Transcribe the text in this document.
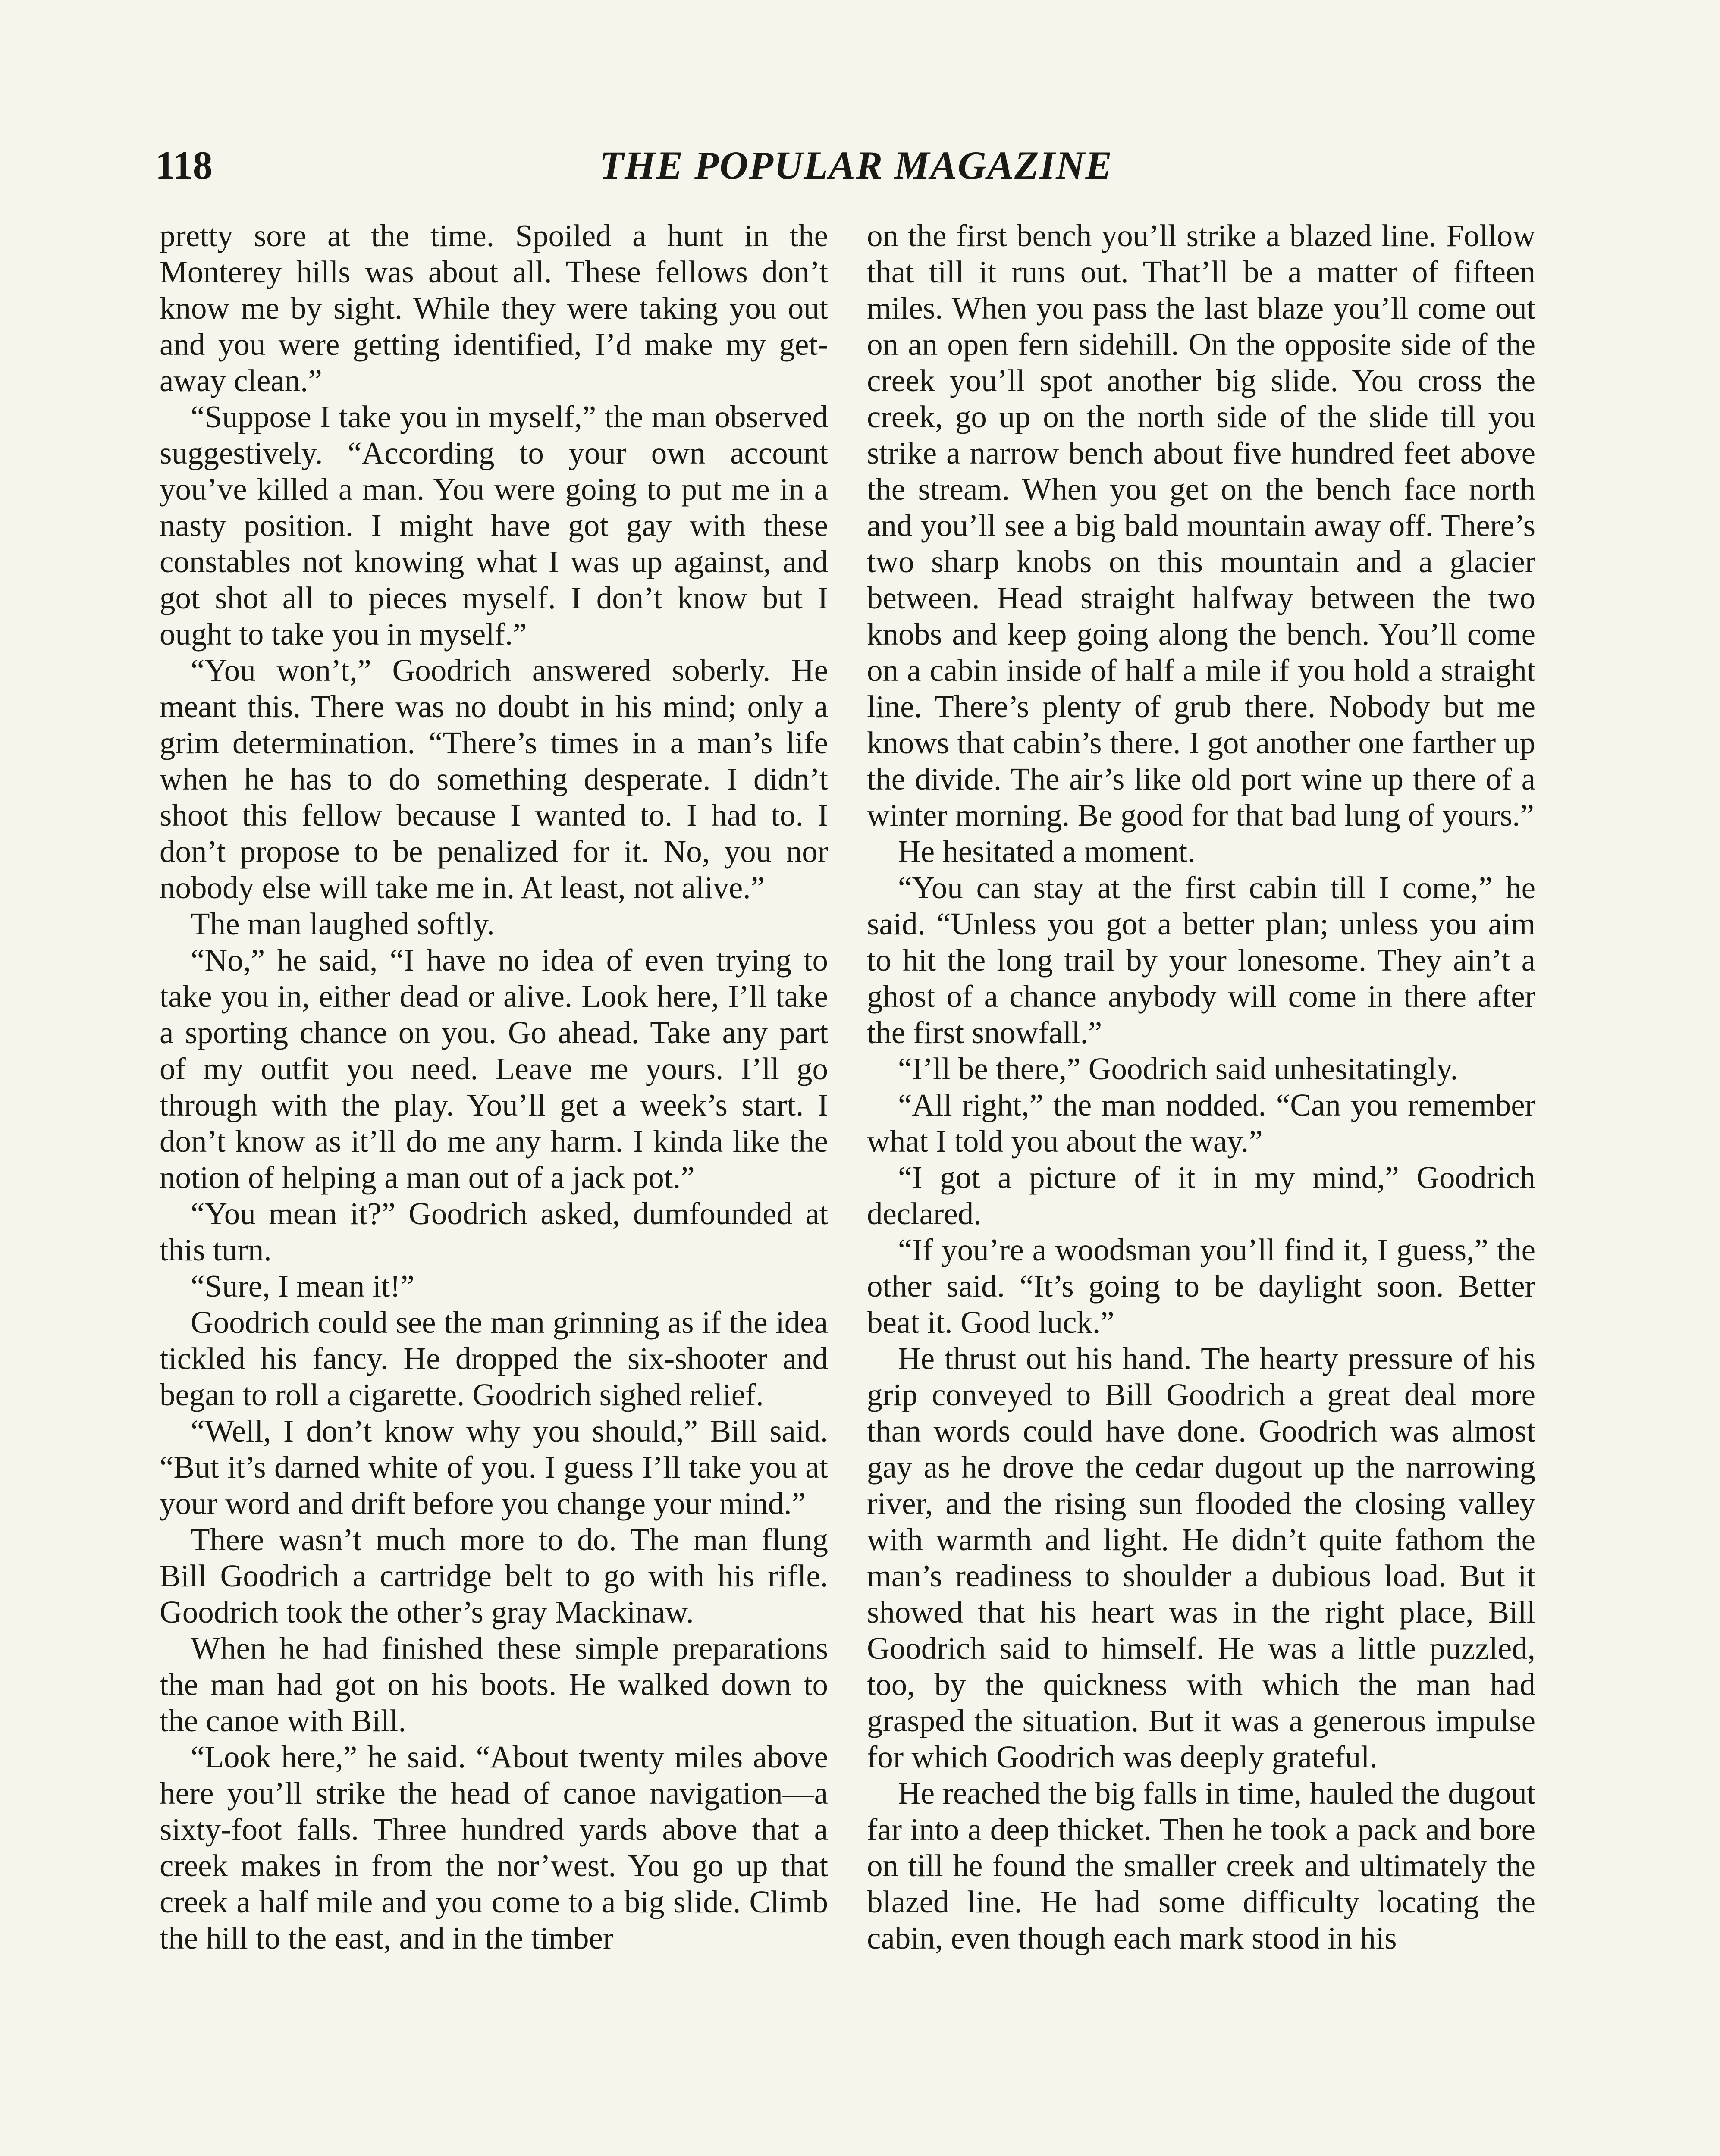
118	THE POPULAR MAGAZINE

pretty sore at the time. Spoiled a hunt in the Monterey hills was about all. These fellows don’t know me by sight. While they were taking you out and you were getting identified, I’d make my get-away clean.”

“Suppose I take you in myself,” the man observed suggestively. “According to your own account you’ve killed a man. You were going to put me in a nasty position. I might have got gay with these constables not knowing what I was up against, and got shot all to pieces myself. I don’t know but I ought to take you in myself.”

“You won’t,” Goodrich answered soberly. He meant this. There was no doubt in his mind; only a grim determination. “There’s times in a man’s life when he has to do something desperate. I didn’t shoot this fellow because I wanted to. I had to. I don’t propose to be penalized for it. No, you nor nobody else will take me in. At least, not alive.”

The man laughed softly.

“No,” he said, “I have no idea of even trying to take you in, either dead or alive. Look here, I’ll take a sporting chance on you. Go ahead. Take any part of my outfit you need. Leave me yours. I’ll go through with the play. You’ll get a week’s start. I don’t know as it’ll do me any harm. I kinda like the notion of helping a man out of a jack pot.”

“You mean it?” Goodrich asked, dumfounded at this turn.

“Sure, I mean it!”

Goodrich could see the man grinning as if the idea tickled his fancy. He dropped the six-shooter and began to roll a cigarette. Goodrich sighed relief.

“Well, I don’t know why you should,” Bill said. “But it’s darned white of you. I guess I’ll take you at your word and drift before you change your mind.”

There wasn’t much more to do. The man flung Bill Goodrich a cartridge belt to go with his rifle. Goodrich took the other’s gray Mackinaw.

When he had finished these simple preparations the man had got on his boots. He walked down to the canoe with Bill.

“Look here,” he said. “About twenty miles above here you’ll strike the head of canoe navigation—a sixty-foot falls. Three hundred yards above that a creek makes in from the nor’west. You go up that creek a half mile and you come to a big slide. Climb the hill to the east, and in the timber

on the first bench you’ll strike a blazed line. Follow that till it runs out. That’ll be a matter of fifteen miles. When you pass the last blaze you’ll come out on an open fern sidehill. On the opposite side of the creek you’ll spot another big slide. You cross the creek, go up on the north side of the slide till you strike a narrow bench about five hundred feet above the stream. When you get on the bench face north and you’ll see a big bald mountain away off. There’s two sharp knobs on this mountain and a glacier between. Head straight halfway between the two knobs and keep going along the bench. You’ll come on a cabin inside of half a mile if you hold a straight line. There’s plenty of grub there. Nobody but me knows that cabin’s there. I got another one farther up the divide. The air’s like old port wine up there of a winter morning. Be good for that bad lung of yours.”

He hesitated a moment.

“You can stay at the first cabin till I come,” he said. “Unless you got a better plan; unless you aim to hit the long trail by your lonesome. They ain’t a ghost of a chance anybody will come in there after the first snowfall.”

“I’ll be there,” Goodrich said unhesitatingly.

“All right,” the man nodded. “Can you remember what I told you about the way.”

“I got a picture of it in my mind,” Goodrich declared.

“If you’re a woodsman you’ll find it, I guess,” the other said. “It’s going to be daylight soon. Better beat it. Good luck.”

He thrust out his hand. The hearty pressure of his grip conveyed to Bill Goodrich a great deal more than words could have done. Goodrich was almost gay as he drove the cedar dugout up the narrowing river, and the rising sun flooded the closing valley with warmth and light. He didn’t quite fathom the man’s readiness to shoulder a dubious load. But it showed that his heart was in the right place, Bill Goodrich said to himself. He was a little puzzled, too, by the quickness with which the man had grasped the situation. But it was a generous impulse for which Goodrich was deeply grateful.

He reached the big falls in time, hauled the dugout far into a deep thicket. Then he took a pack and bore on till he found the smaller creek and ultimately the blazed line. He had some difficulty locating the cabin, even though each mark stood in his
